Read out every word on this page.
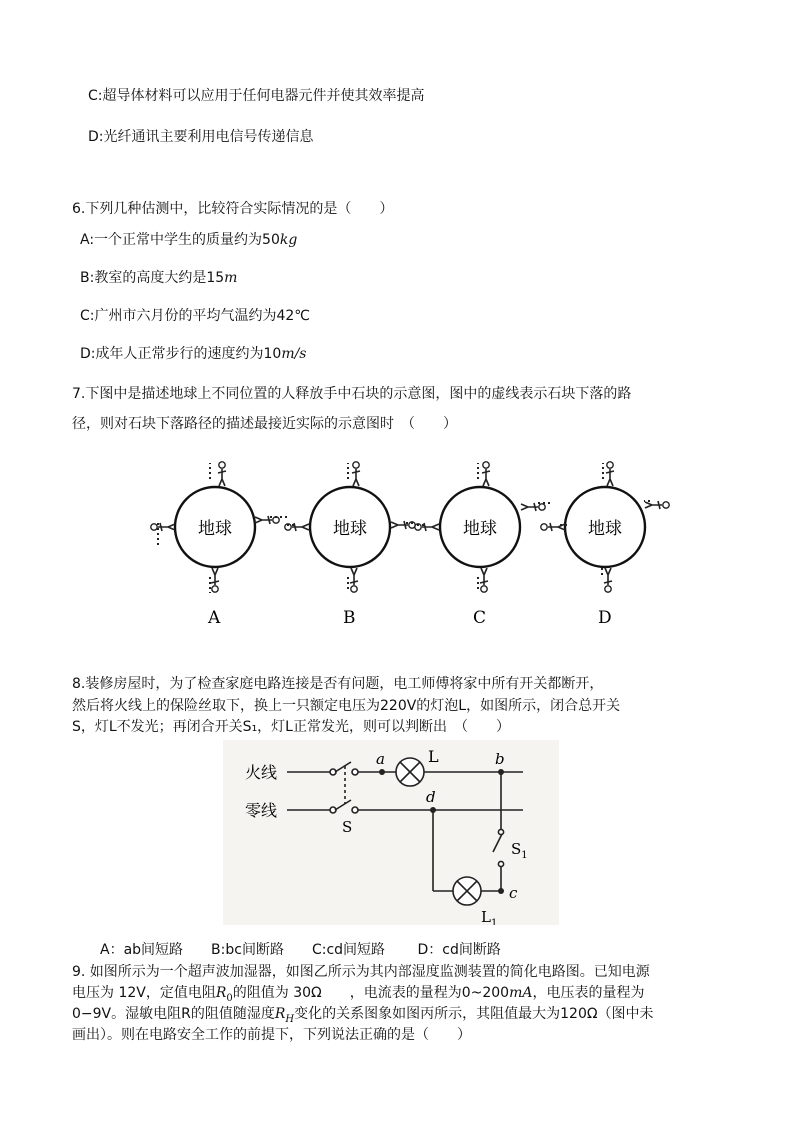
C:超导体材料可以应用于任何电器元件并使其效率提高
D:光纤通讯主要利用电信号传递信息
6.下列几种估测中，比较符合实际情况的是（　　）
A:一个正常中学生的质量约为50kg
B:教室的高度大约是15m
C:广州市六月份的平均气温约为42℃
D:成年人正常步行的速度约为10m/s
7.下图中是描述地球上不同位置的人释放手中石块的示意图，图中的虚线表示石块下落的路
径，则对石块下落路径的描述最接近实际的示意图时　（　　）
地球
A
地球
B
地球
C
地球
D
8.装修房屋时，为了检查家庭电路连接是否有问题，电工师傅将家中所有开关都断开，
然后将火线上的保险丝取下，换上一只额定电压为220V的灯泡L，如图所示，闭合总开关
S，灯L不发光；再闭合开关S₁，灯L正常发光，则可以判断出　（　　）
火线
零线
S
L
a	b
d
c
$S_1$
$L_1$
A：ab间短路　　B:bc间断路　　C:cd间短路　　 D：cd间断路
9. 如图所示为一个超声波加湿器，如图乙所示为其内部湿度监测装置的简化电路图。已知电源
电压为 12V，定值电阻$R_0$的阻值为 30Ω　　，电流表的量程为0~200mA，电压表的量程为
0−9V。湿敏电阻R的阻值随湿度$R_H$变化的关系图象如图丙所示，其阻值最大为120Ω（图中未
画出）。则在电路安全工作的前提下，下列说法正确的是（　　）
